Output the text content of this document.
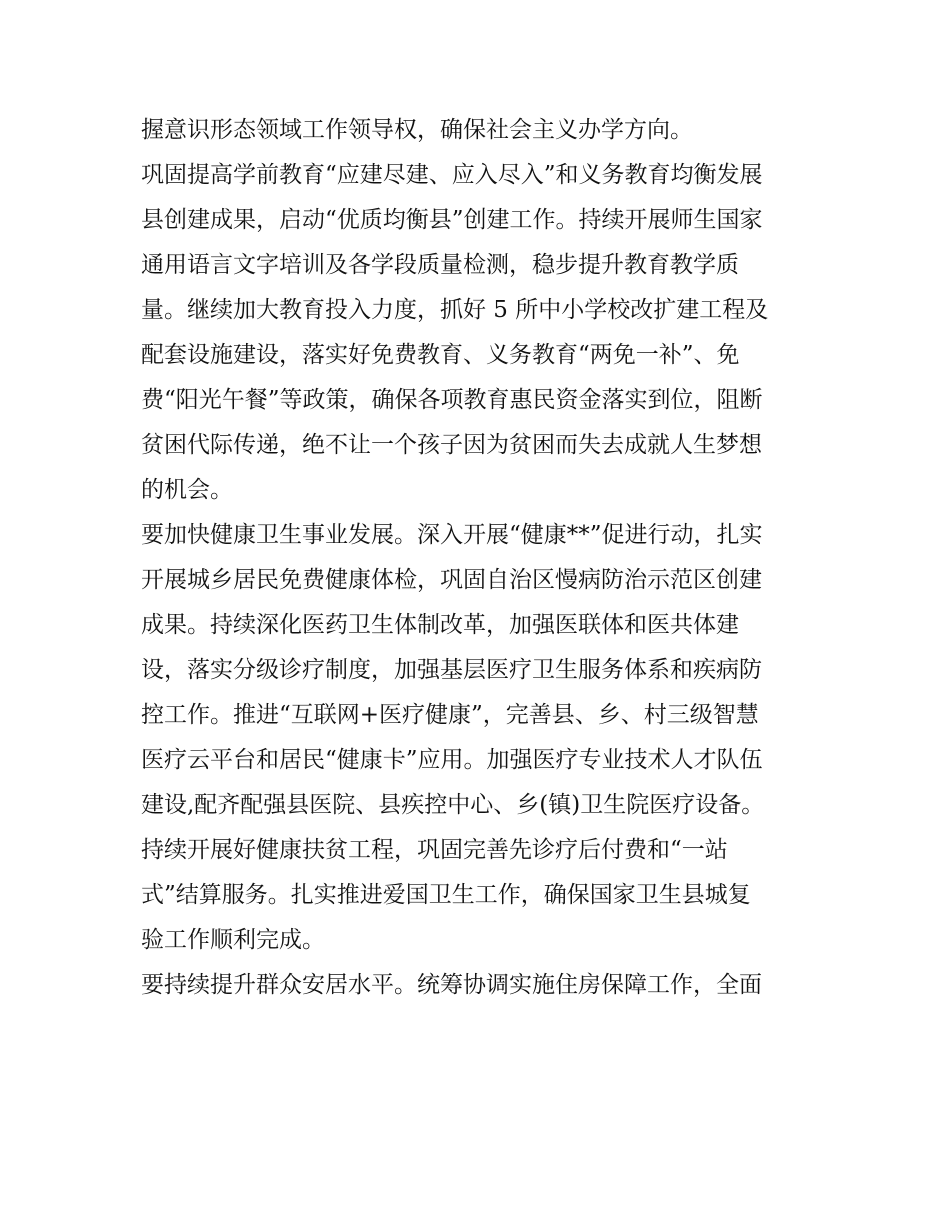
握意识形态领域工作领导权，确保社会主义办学方向。
巩固提高学前教育“应建尽建、应入尽入”和义务教育均衡发展
县创建成果，启动“优质均衡县”创建工作。持续开展师生国家
通用语言文字培训及各学段质量检测，稳步提升教育教学质
量。继续加大教育投入力度，抓好 5 所中小学校改扩建工程及
配套设施建设，落实好免费教育、义务教育“两免一补”、免
费“阳光午餐”等政策，确保各项教育惠民资金落实到位，阻断
贫困代际传递，绝不让一个孩子因为贫困而失去成就人生梦想
的机会。
要加快健康卫生事业发展。深入开展“健康**”促进行动，扎实
开展城乡居民免费健康体检，巩固自治区慢病防治示范区创建
成果。持续深化医药卫生体制改革，加强医联体和医共体建
设，落实分级诊疗制度，加强基层医疗卫生服务体系和疾病防
控工作。推进“互联网+医疗健康”，完善县、乡、村三级智慧
医疗云平台和居民“健康卡”应用。加强医疗专业技术人才队伍
建设,配齐配强县医院、县疾控中心、乡(镇)卫生院医疗设备。
持续开展好健康扶贫工程，巩固完善先诊疗后付费和“一站
式”结算服务。扎实推进爱国卫生工作，确保国家卫生县城复
验工作顺利完成。
要持续提升群众安居水平。统筹协调实施住房保障工作，全面
